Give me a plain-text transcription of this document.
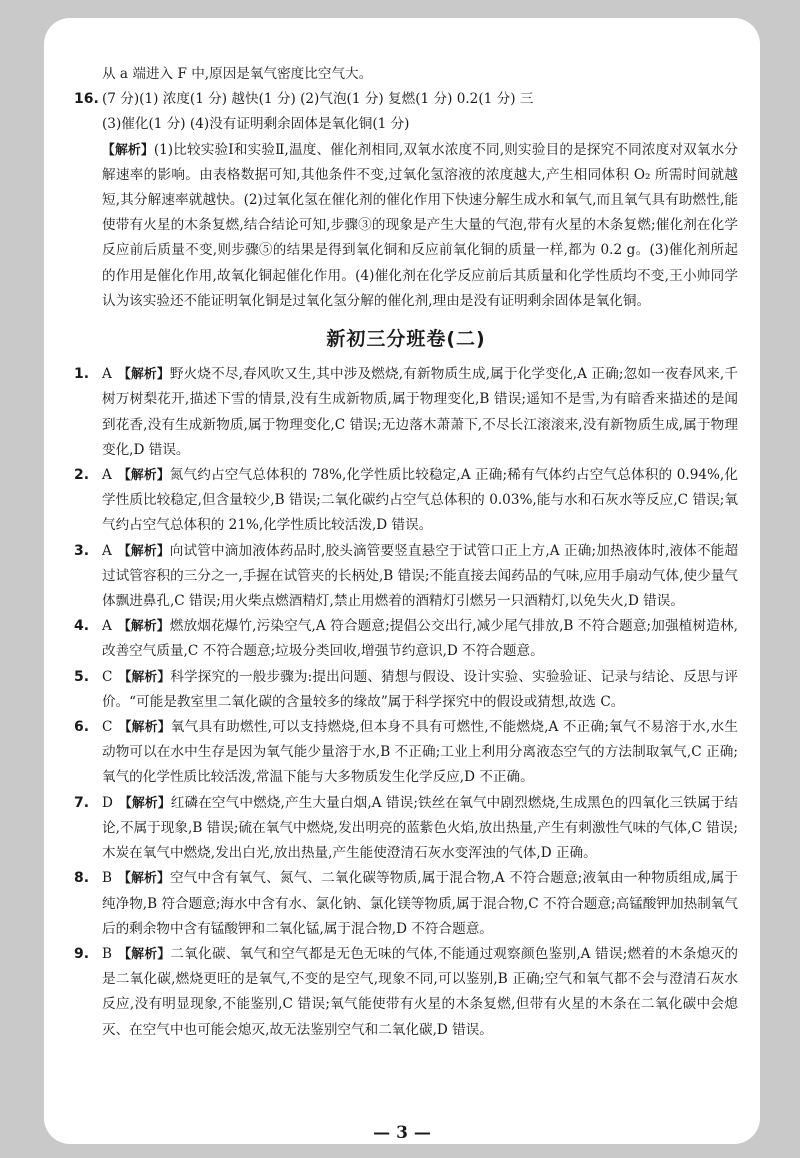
从 a 端进入 F 中,原因是氧气密度比空气大。

16. (7 分)(1) 浓度(1 分) 越快(1 分) (2)气泡(1 分) 复燃(1 分) 0.2(1 分) 三

(3)催化(1 分) (4)没有证明剩余固体是氧化铜(1 分)

【解析】(1)比较实验Ⅰ和实验Ⅱ,温度、催化剂相同,双氧水浓度不同,则实验目的是探究不同浓度对双氧水分解速率的影响。由表格数据可知,其他条件不变,过氧化氢溶液的浓度越大,产生相同体积 O₂ 所需时间就越短,其分解速率就越快。(2)过氧化氢在催化剂的催化作用下快速分解生成水和氧气,而且氧气具有助燃性,能使带有火星的木条复燃,结合结论可知,步骤③的现象是产生大量的气泡,带有火星的木条复燃;催化剂在化学反应前后质量不变,则步骤⑤的结果是得到氧化铜和反应前氧化铜的质量一样,都为 0.2 g。(3)催化剂所起的作用是催化作用,故氧化铜起催化作用。(4)催化剂在化学反应前后其质量和化学性质均不变,王小帅同学认为该实验还不能证明氧化铜是过氧化氢分解的催化剂,理由是没有证明剩余固体是氧化铜。

新初三分班卷(二)
1. A 【解析】野火烧不尽,春风吹又生,其中涉及燃烧,有新物质生成,属于化学变化,A 正确;忽如一夜春风来,千树万树梨花开,描述下雪的情景,没有生成新物质,属于物理变化,B 错误;遥知不是雪,为有暗香来描述的是闻到花香,没有生成新物质,属于物理变化,C 错误;无边落木萧萧下,不尽长江滚滚来,没有新物质生成,属于物理变化,D 错误。

2. A 【解析】氮气约占空气总体积的 78%,化学性质比较稳定,A 正确;稀有气体约占空气总体积的 0.94%,化学性质比较稳定,但含量较少,B 错误;二氧化碳约占空气总体积的 0.03%,能与水和石灰水等反应,C 错误;氧气约占空气总体积的 21%,化学性质比较活泼,D 错误。

3. A 【解析】向试管中滴加液体药品时,胶头滴管要竖直悬空于试管口正上方,A 正确;加热液体时,液体不能超过试管容积的三分之一,手握在试管夹的长柄处,B 错误;不能直接去闻药品的气味,应用手扇动气体,使少量气体飘进鼻孔,C 错误;用火柴点燃酒精灯,禁止用燃着的酒精灯引燃另一只酒精灯,以免失火,D 错误。

4. A 【解析】燃放烟花爆竹,污染空气,A 符合题意;提倡公交出行,减少尾气排放,B 不符合题意;加强植树造林,改善空气质量,C 不符合题意;垃圾分类回收,增强节约意识,D 不符合题意。

5. C 【解析】科学探究的一般步骤为:提出问题、猜想与假设、设计实验、实验验证、记录与结论、反思与评价。“可能是教室里二氧化碳的含量较多的缘故”属于科学探究中的假设或猜想,故选 C。

6. C 【解析】氧气具有助燃性,可以支持燃烧,但本身不具有可燃性,不能燃烧,A 不正确;氧气不易溶于水,水生动物可以在水中生存是因为氧气能少量溶于水,B 不正确;工业上利用分离液态空气的方法制取氧气,C 正确;氧气的化学性质比较活泼,常温下能与大多物质发生化学反应,D 不正确。

7. D 【解析】红磷在空气中燃烧,产生大量白烟,A 错误;铁丝在氧气中剧烈燃烧,生成黑色的四氧化三铁属于结论,不属于现象,B 错误;硫在氧气中燃烧,发出明亮的蓝紫色火焰,放出热量,产生有刺激性气味的气体,C 错误;木炭在氧气中燃烧,发出白光,放出热量,产生能使澄清石灰水变浑浊的气体,D 正确。

8. B 【解析】空气中含有氧气、氮气、二氧化碳等物质,属于混合物,A 不符合题意;液氧由一种物质组成,属于纯净物,B 符合题意;海水中含有水、氯化钠、氯化镁等物质,属于混合物,C 不符合题意;高锰酸钾加热制氧气后的剩余物中含有锰酸钾和二氧化锰,属于混合物,D 不符合题意。

9. B 【解析】二氧化碳、氧气和空气都是无色无味的气体,不能通过观察颜色鉴别,A 错误;燃着的木条熄灭的是二氧化碳,燃烧更旺的是氧气,不变的是空气,现象不同,可以鉴别,B 正确;空气和氧气都不会与澄清石灰水反应,没有明显现象,不能鉴别,C 错误;氧气能使带有火星的木条复燃,但带有火星的木条在二氧化碳中会熄灭、在空气中也可能会熄灭,故无法鉴别空气和二氧化碳,D 错误。

— 3 —
